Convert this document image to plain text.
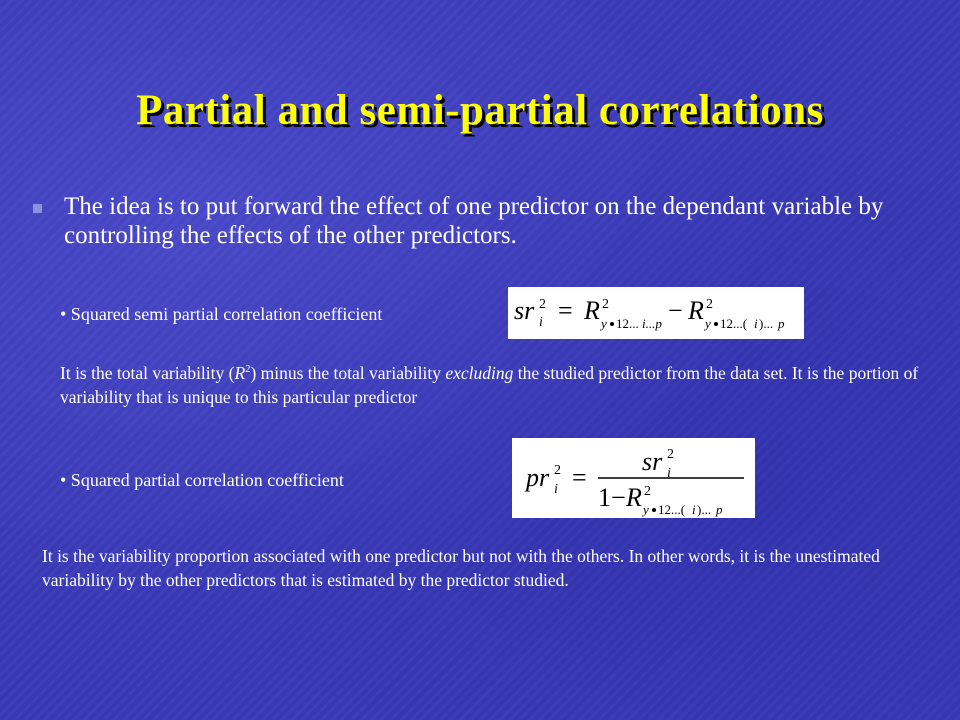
Partial and semi-partial correlations
The idea is to put forward the effect of one predictor on the dependant variable by controlling the effects of the other predictors.
• Squared semi partial correlation coefficient	sr i
2 = R 2
y 12... i...p − R 2
y 12...( i )... p
It is the total variability $(R^2)$ minus the total variability excluding the studied predictor from the data set. It is the portion of variability that is unique to this particular predictor
• Squared partial correlation coefficient	pr i
2 =
sr i
2
1− R 2
y 12...( i )... p
It is the variability proportion associated with one predictor but not with the others. In other words, it is the unestimated variability by the other predictors that is estimated by the predictor studied.
